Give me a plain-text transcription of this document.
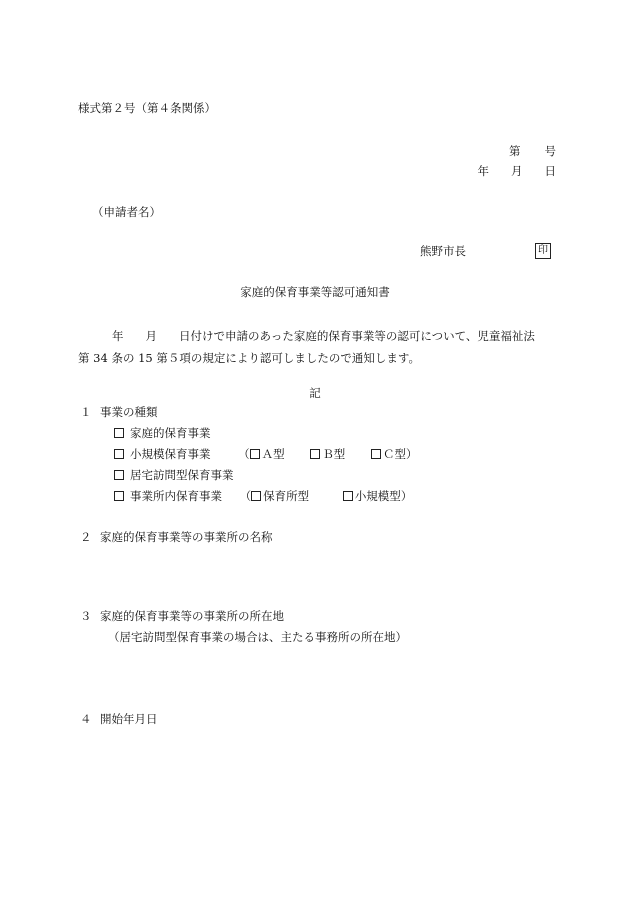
様式第２号（第４条関係）
第 号
年 月 日
（申請者名）
熊野市長	印
家庭的保育事業等認可通知書
年 月 日付けで申請のあった家庭的保育事業等の認可について、児童福祉法
第 34 条の 15 第５項の規定により認可しましたので通知します。
記
１ 事業の種類
家庭的保育事業
小規模保育事業 （ Ａ型	Ｂ型	Ｃ型）
居宅訪問型保育事業
事業所内保育事業 （ 保育所型	小規模型）
２ 家庭的保育事業等の事業所の名称
３ 家庭的保育事業等の事業所の所在地
（居宅訪問型保育事業の場合は、主たる事務所の所在地）
４ 開始年月日
